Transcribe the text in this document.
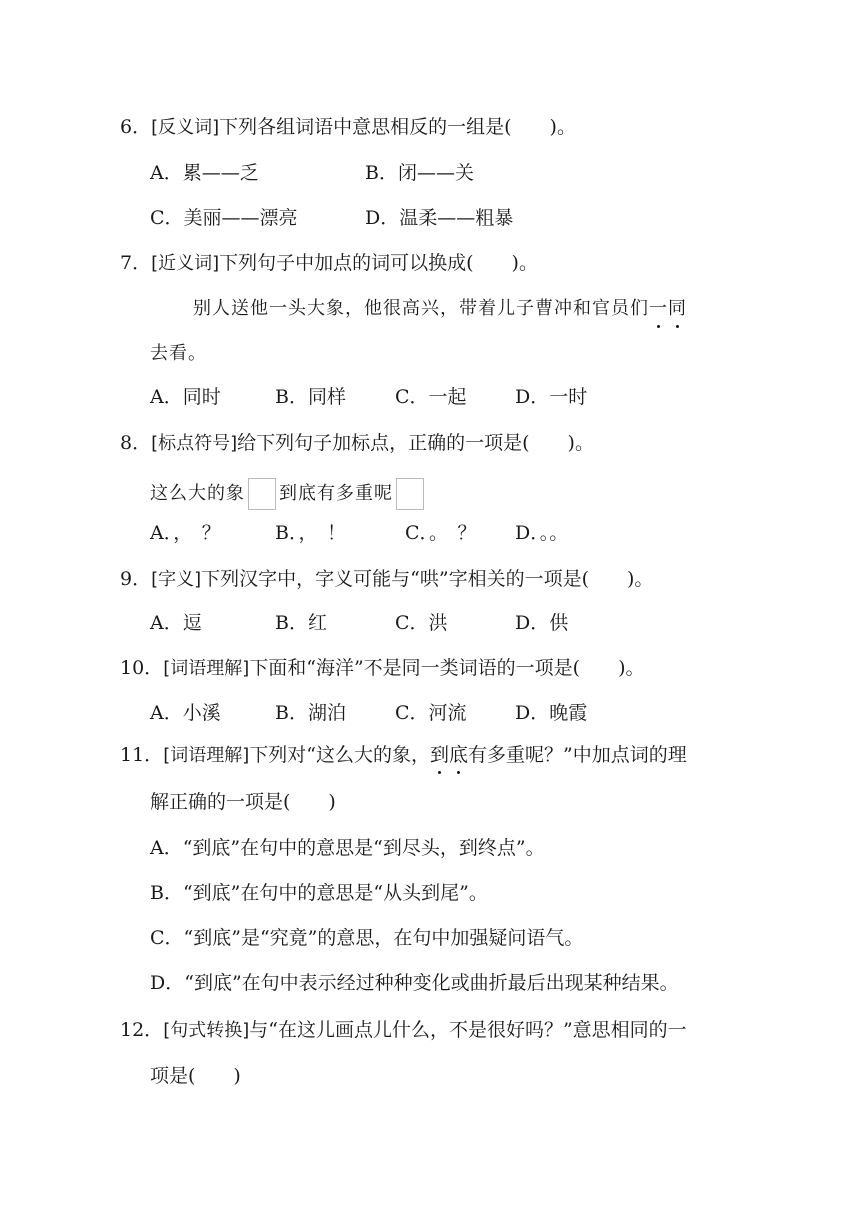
6．[反义词]下列各组词语中意思相反的一组是(　　)。
A．累——乏	B．闭——关
C．美丽——漂亮	D．温柔——粗暴
7．[近义词]下列句子中加点的词可以换成(　　)。
别人送他一头大象，他很高兴，带着儿子曹冲和官员们一同
去看。
A．同时	B．同样	C．一起	D．一时
8．[标点符号]给下列句子加标点，正确的一项是(　　)。
这么大的象 到底有多重呢
A．，　？	B．，　！	C．。　？ D．。。
9．[字义]下列汉字中，字义可能与“哄”字相关的一项是(　　)。
A．逗	B．红	C．洪	D．供
10．[词语理解]下面和“海洋”不是同一类词语的一项是(　　)。
A．小溪	B．湖泊	C．河流	D．晚霞
11．[词语理解]下列对“这么大的象，到底有多重呢？”中加点词的理
解正确的一项是(　　)
A．“到底”在句中的意思是“到尽头，到终点”。
B．“到底”在句中的意思是“从头到尾”。
C．“到底”是“究竟”的意思，在句中加强疑问语气。
D．“到底”在句中表示经过种种变化或曲折最后出现某种结果。
12．[句式转换]与“在这儿画点儿什么，不是很好吗？”意思相同的一
项是(　　)
